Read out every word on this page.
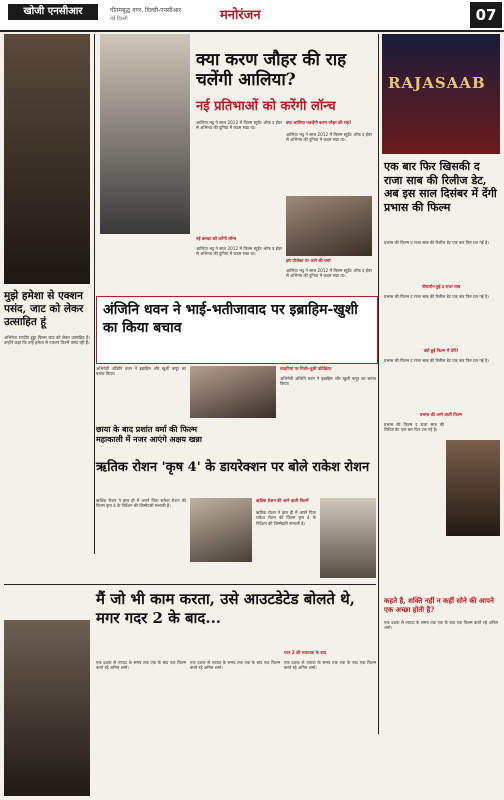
खोजी एनसीआर	गौतमबुद्ध नगर, दिल्ली-एनसीआर
नई दिल्ली	मनोरंजन	07
मुझे हमेशा से एक्शन पसंद, जाट को लेकर उत्साहित हूं
अभिनेता रणदीप हुड्डा फिल्म जाट को लेकर उत्साहित हैं। उन्होंने कहा कि उन्हें हमेशा से एक्शन फिल्में पसंद रही हैं।
क्या करण जौहर की राह चलेंगी आलिया?
नई प्रतिभाओं को करेंगी लॉन्च
आलिया भट्ट ने साल 2012 में फिल्म स्टूडेंट ऑफ द ईयर से अभिनय की दुनिया में कदम रखा था।
क्या आलिया पकड़ेंगी करण जौहर की राह?
आलिया भट्ट ने साल 2012 में फिल्म स्टूडेंट ऑफ द ईयर से अभिनय की दुनिया में कदम रखा था।
नई करवट को करेंगी लॉन्च
आलिया भट्ट ने साल 2012 में फिल्म स्टूडेंट ऑफ द ईयर से अभिनय की दुनिया में कदम रखा था।
इस प्रोजेक्ट पर आने की चर्चा
आलिया भट्ट ने साल 2012 में फिल्म स्टूडेंट ऑफ द ईयर से अभिनय की दुनिया में कदम रखा था।
RAJASAAB
एक बार फिर खिसकी द राजा साब की रिलीज डेट, अब इस साल दिसंबर में देंगी प्रभास की फिल्म
प्रभास की फिल्म द राजा साब की रिलीज डेट एक बार फिर टल गई है।
पोस्टपोन हुई द राजा साब
प्रभास की फिल्म द राजा साब की रिलीज डेट एक बार फिर टल गई है।
क्यों हुई फिल्म में देरी?
प्रभास की फिल्म द राजा साब की रिलीज डेट एक बार फिर टल गई है।
प्रभास की आने वाली फिल्म
प्रभास की फिल्म द राजा साब की रिलीज डेट एक बार फिर टल गई है।
अंजिनि धवन ने भाई-भतीजावाद पर इब्राहिम-खुशी का किया बचाव
अभिनेत्री अंजिनि धवन ने इब्राहिम और खुशी कपूर का बचाव किया।
सादगियां पर मिली-जुली प्रतिक्रिया
अभिनेत्री अंजिनि धवन ने इब्राहिम और खुशी कपूर का बचाव किया।
छाया के बाद प्रशांत वर्मा की फिल्म महाकाली में नजर आएंगे अक्षय खन्ना
ऋतिक रोशन 'कृष 4' के डायरेक्शन पर बोले राकेश रोशन
ऋतिक रोशन ने हाल ही में अपने पिता राकेश रोशन की फिल्म कृष 4 के निर्देशन की जिम्मेदारी संभाली है।
ऋतिक रोशन की आने वाली फिल्में
ऋतिक रोशन ने हाल ही में अपने पिता राकेश रोशन की फिल्म कृष 4 के निर्देशन की जिम्मेदारी संभाली है।
मैं जो भी काम करता, उसे आउटडेटेड बोलते थे, मगर गदर 2 के बाद...
एक दशक से ज्यादा के समय तक एक के बाद एक फिल्म करते रहे अनिल शर्मा।
एक दशक से ज्यादा के समय तक एक के बाद एक फिल्म करते रहे अनिल शर्मा।
गदर 2 की सफलता के बाद
एक दशक से ज्यादा के समय तक एक के बाद एक फिल्म करते रहे अनिल शर्मा।
कहते है, शक्ति नहीं न कहीं सोने की आपने एक अच्छा होती है?
एक दशक से ज्यादा के समय तक एक के बाद एक फिल्म करते रहे अनिल शर्मा।
